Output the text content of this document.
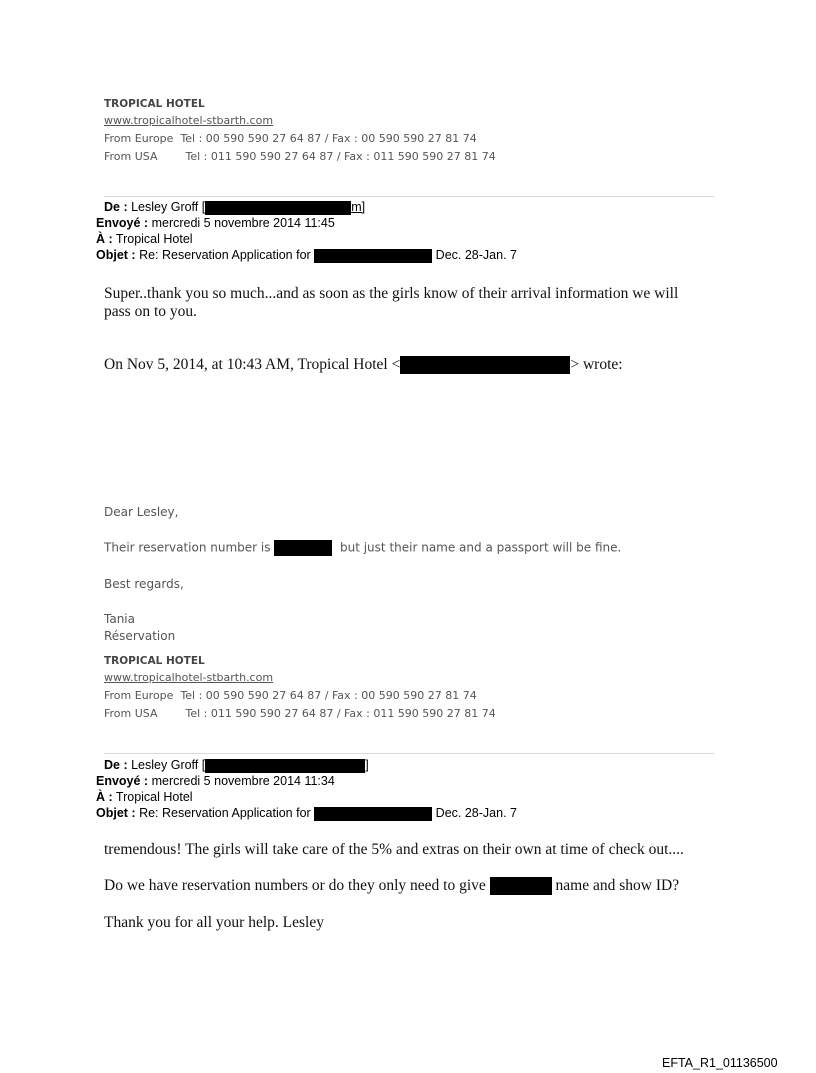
TROPICAL HOTEL
www.tropicalhotel-stbarth.com
From Europe Tel : 00 590 590 27 64 87 / Fax : 00 590 590 27 81 74
From USA	Tel : 011 590 590 27 64 87 / Fax : 011 590 590 27 81 74
De : Lesley Groff [	m]
Envoyé : mercredi 5 novembre 2014 11:45
À : Tropical Hotel
Objet : Re: Reservation Application for	Dec. 28-Jan. 7
Super..thank you so much...and as soon as the girls know of their arrival information we will
pass on to you.
On Nov 5, 2014, at 10:43 AM, Tropical Hotel <	> wrote:
Dear Lesley,
Their reservation number is	but just their name and a passport will be fine.
Best regards,
Tania
Réservation
TROPICAL HOTEL
www.tropicalhotel-stbarth.com
From Europe Tel : 00 590 590 27 64 87 / Fax : 00 590 590 27 81 74
From USA	Tel : 011 590 590 27 64 87 / Fax : 011 590 590 27 81 74
De : Lesley Groff [	]
Envoyé : mercredi 5 novembre 2014 11:34
À : Tropical Hotel
Objet : Re: Reservation Application for	Dec. 28-Jan. 7
tremendous! The girls will take care of the 5% and extras on their own at time of check out....
Do we have reservation numbers or do they only need to give	name and show ID?
Thank you for all your help. Lesley
EFTA_R1_01136500
